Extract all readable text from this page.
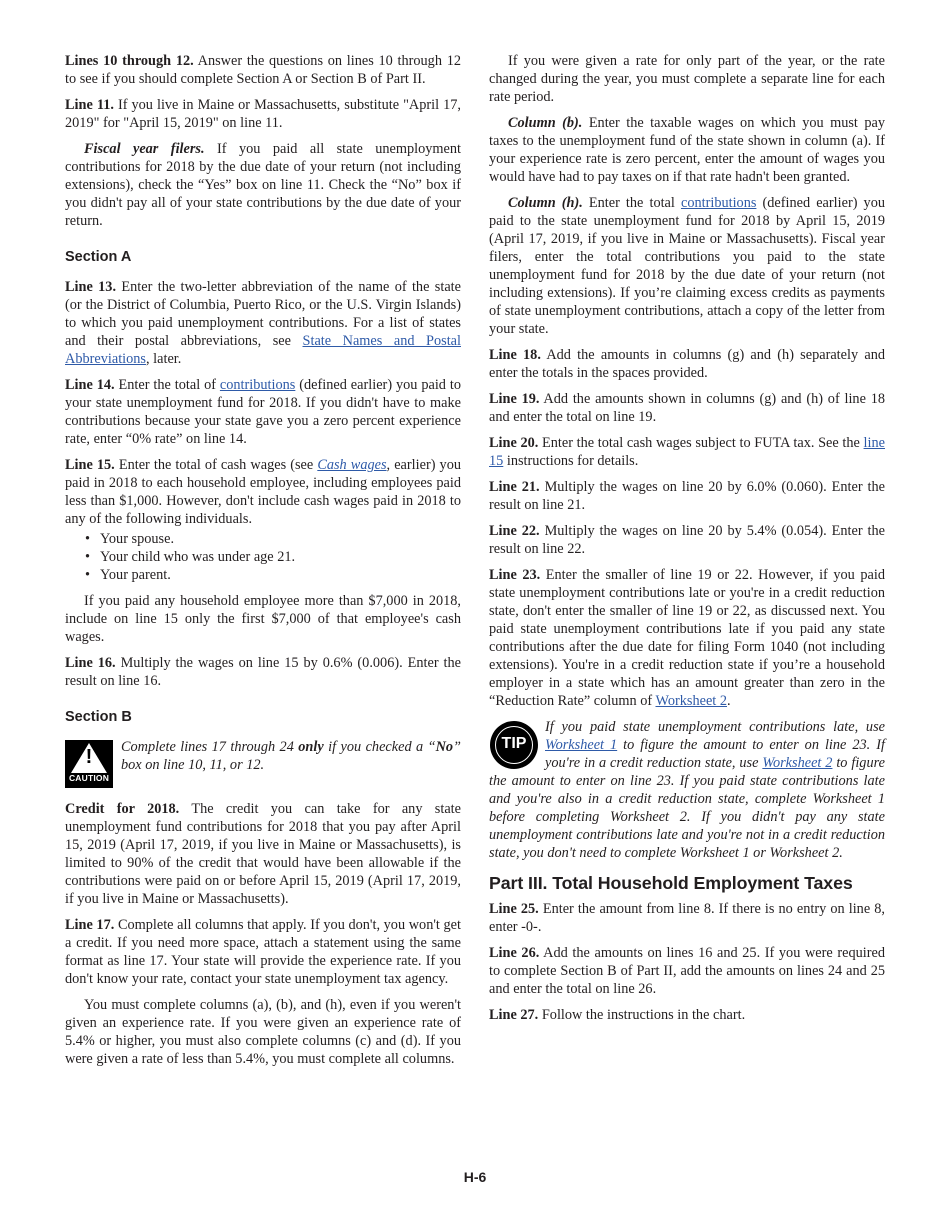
Lines 10 through 12. Answer the questions on lines 10 through 12 to see if you should complete Section A or Section B of Part II.

Line 11. If you live in Maine or Massachusetts, substitute "April 17, 2019" for "April 15, 2019" on line 11.

Fiscal year filers. If you paid all state unemployment contributions for 2018 by the due date of your return (not including extensions), check the “Yes” box on line 11. Check the “No” box if you didn't pay all of your state contributions by the due date of your return.

Section A

Line 13. Enter the two-letter abbreviation of the name of the state (or the District of Columbia, Puerto Rico, or the U.S. Virgin Islands) to which you paid unemployment contributions. For a list of states and their postal abbreviations, see State Names and Postal Abbreviations, later.

Line 14. Enter the total of contributions (defined earlier) you paid to your state unemployment fund for 2018. If you didn't have to make contributions because your state gave you a zero percent experience rate, enter “0% rate” on line 14.

Line 15. Enter the total of cash wages (see Cash wages, earlier) you paid in 2018 to each household employee, including employees paid less than $1,000. However, don't include cash wages paid in 2018 to any of the following individuals.

• Your spouse.
• Your child who was under age 21.
• Your parent.

If you paid any household employee more than $7,000 in 2018, include on line 15 only the first $7,000 of that employee's cash wages.

Line 16. Multiply the wages on line 15 by 0.6% (0.006). Enter the result on line 16.

Section B
!
CAUTION
Complete lines 17 through 24 only if you checked a “No” box on line 10, 11, or 12.

Credit for 2018. The credit you can take for any state unemployment fund contributions for 2018 that you pay after April 15, 2019 (April 17, 2019, if you live in Maine or Massachusetts), is limited to 90% of the credit that would have been allowable if the contributions were paid on or before April 15, 2019 (April 17, 2019, if you live in Maine or Massachusetts).

Line 17. Complete all columns that apply. If you don't, you won't get a credit. If you need more space, attach a statement using the same format as line 17. Your state will provide the experience rate. If you don't know your rate, contact your state unemployment tax agency.

You must complete columns (a), (b), and (h), even if you weren't given an experience rate. If you were given an experience rate of 5.4% or higher, you must also complete columns (c) and (d). If you were given a rate of less than 5.4%, you must complete all columns.

If you were given a rate for only part of the year, or the rate changed during the year, you must complete a separate line for each rate period.

Column (b). Enter the taxable wages on which you must pay taxes to the unemployment fund of the state shown in column (a). If your experience rate is zero percent, enter the amount of wages you would have had to pay taxes on if that rate hadn't been granted.

Column (h). Enter the total contributions (defined earlier) you paid to the state unemployment fund for 2018 by April 15, 2019 (April 17, 2019, if you live in Maine or Massachusetts). Fiscal year filers, enter the total contributions you paid to the state unemployment fund for 2018 by the due date of your return (not including extensions). If you’re claiming excess credits as payments of state unemployment contributions, attach a copy of the letter from your state.

Line 18. Add the amounts in columns (g) and (h) separately and enter the totals in the spaces provided.

Line 19. Add the amounts shown in columns (g) and (h) of line 18 and enter the total on line 19.

Line 20. Enter the total cash wages subject to FUTA tax. See the line 15 instructions for details.

Line 21. Multiply the wages on line 20 by 6.0% (0.060). Enter the result on line 21.

Line 22. Multiply the wages on line 20 by 5.4% (0.054). Enter the result on line 22.

Line 23. Enter the smaller of line 19 or 22. However, if you paid state unemployment contributions late or you're in a credit reduction state, don't enter the smaller of line 19 or 22, as discussed next. You paid state unemployment contributions late if you paid any state contributions after the due date for filing Form 1040 (not including extensions). You're in a credit reduction state if you’re a household employer in a state which has an amount greater than zero in the “Reduction Rate” column of Worksheet 2.

TIP
If you paid state unemployment contributions late, use Worksheet 1 to figure the amount to enter on line 23. If you're in a credit reduction state, use Worksheet 2 to figure the amount to enter on line 23. If you paid state contributions late and you're also in a credit reduction state, complete Worksheet 1 before completing Worksheet 2. If you didn't pay any state unemployment contributions late and you're not in a credit reduction state, you don't need to complete Worksheet 1 or Worksheet 2.
Part III. Total Household Employment Taxes

Line 25. Enter the amount from line 8. If there is no entry on line 8, enter -0-.

Line 26. Add the amounts on lines 16 and 25. If you were required to complete Section B of Part II, add the amounts on lines 24 and 25 and enter the total on line 26.

Line 27. Follow the instructions in the chart.

H-6
